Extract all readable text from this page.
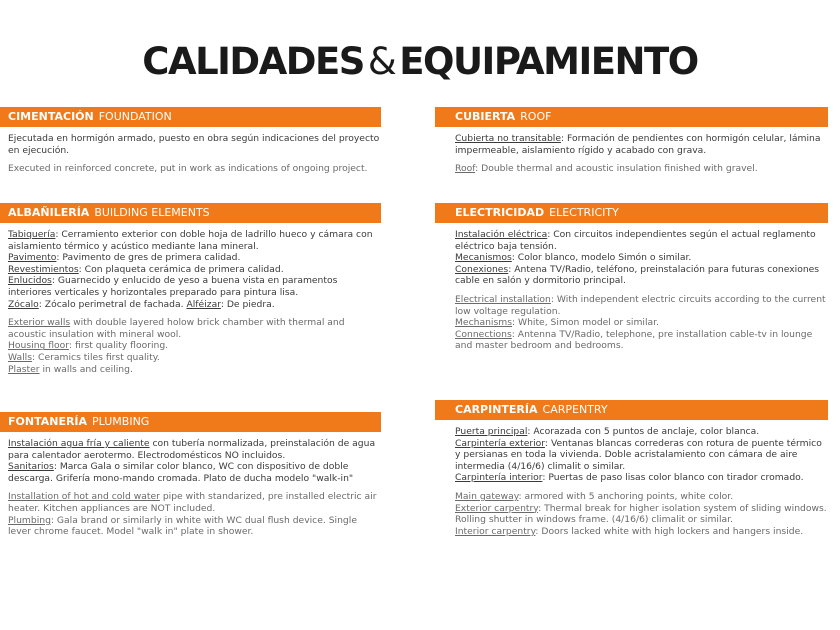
CALIDADES & EQUIPAMIENTO
CIMENTACIÓN FOUNDATION
Ejecutada en hormigón armado, puesto en obra según indicaciones del proyecto en ejecución.
Executed in reinforced concrete, put in work as indications of ongoing project.
ALBAÑILERÍA BUILDING ELEMENTS
Tabiquería: Cerramiento exterior con doble hoja de ladrillo hueco y cámara con aislamiento térmico y acústico mediante lana mineral.
Pavimento: Pavimento de gres de primera calidad.
Revestimientos: Con plaqueta cerámica de primera calidad.
Enlucidos: Guarnecido y enlucido de yeso a buena vista en paramentos interiores verticales y horizontales preparado para pintura lisa.
Zócalo: Zócalo perimetral de fachada. Alféizar: De piedra.
Exterior walls with double layered holow brick chamber with thermal and acoustic insulation with mineral wool.
Housing floor: first quality flooring.
Walls: Ceramics tiles first quality.
Plaster in walls and ceiling.
FONTANERÍA PLUMBING
Instalación agua fría y caliente con tubería normalizada, preinstalación de agua para calentador aerotermo. Electrodomésticos NO incluidos.
Sanitarios: Marca Gala o similar color blanco, WC con dispositivo de doble descarga. Grifería mono-mando cromada. Plato de ducha modelo "walk-in"
Installation of hot and cold water pipe with standarized, pre installed electric air heater. Kitchen appliances are NOT included.
Plumbing: Gala brand or similarly in white with WC dual flush device. Single lever chrome faucet. Model "walk in" plate in shower.
CUBIERTA ROOF
Cubierta no transitable: Formación de pendientes con hormigón celular, lámina impermeable, aislamiento rígido y acabado con grava.
Roof: Double thermal and acoustic insulation finished with gravel.
ELECTRICIDAD ELECTRICITY
Instalación eléctrica: Con circuitos independientes según el actual reglamento eléctrico baja tensión.
Mecanismos: Color blanco, modelo Simón o similar.
Conexiones: Antena TV/Radio, teléfono, preinstalación para futuras conexiones cable en salón y dormitorio principal.
Electrical installation: With independent electric circuits according to the current low voltage regulation.
Mechanisms: White, Simon model or similar.
Connections: Antenna TV/Radio, telephone, pre installation cable-tv in lounge and master bedroom and bedrooms.
CARPINTERÍA CARPENTRY
Puerta principal: Acorazada con 5 puntos de anclaje, color blanca.
Carpintería exterior: Ventanas blancas correderas con rotura de puente térmico y persianas en toda la vivienda. Doble acristalamiento con cámara de aire intermedia (4/16/6) climalit o similar.
Carpintería interior: Puertas de paso lisas color blanco con tirador cromado.
Main gateway: armored with 5 anchoring points, white color.
Exterior carpentry: Thermal break for higher isolation system of sliding windows. Rolling shutter in windows frame. (4/16/6) climalit or similar.
Interior carpentry: Doors lacked white with high lockers and hangers inside.
